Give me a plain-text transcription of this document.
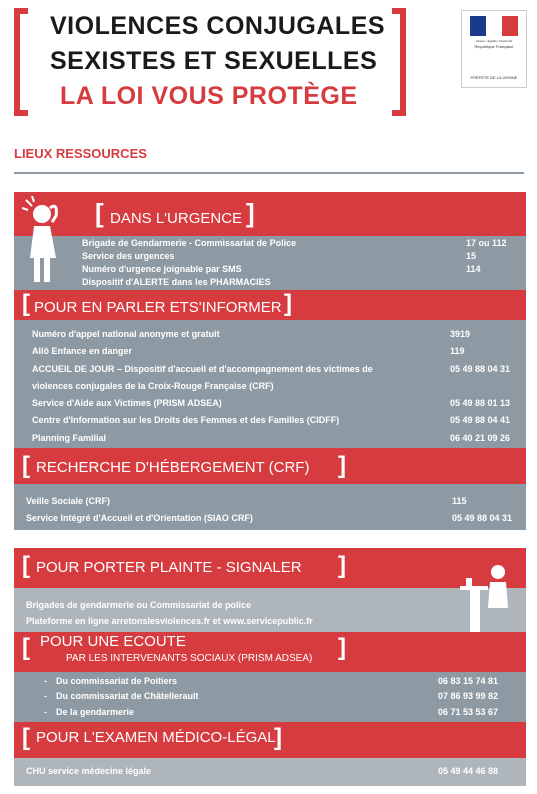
VIOLENCES CONJUGALES
SEXISTES ET SEXUELLES
LA LOI VOUS PROTÈGE
Liberté • Égalité • Fraternité
République Française
PRÉFÈTE DE LA VIENNE
LIEUX RESSOURCES
[ DANS L'URGENCE ]
Brigade de Gendarmerie - Commissariat de Police	17 ou 112
Service des urgences	15
Numéro d'urgence joignable par SMS	114
Dispositif d'ALERTE dans les PHARMACIES
[ POUR EN PARLER ETS'INFORMER ]
Numéro d'appel national anonyme et gratuit	3919
Allô Enfance en danger	119
ACCUEIL DE JOUR – Dispositif d'accueil et d'accompagnement des victimes de	05 49 88 04 31
violences conjugales de la Croix-Rouge Française (CRF)
Service d'Aide aux Victimes (PRISM ADSEA)	05 49 88 01 13
Centre d'Information sur les Droits des Femmes et des Familles (CIDFF)	05 49 88 04 41
Planning Familial	06 40 21 09 26
[ RECHERCHE D'HÉBERGEMENT (CRF) ]
Veille Sociale (CRF)	115
Service Intégré d'Accueil et d'Orientation (SIAO CRF)	05 49 88 04 31
[ POUR PORTER PLAINTE - SIGNALER ]
Brigades de gendarmerie ou Commissariat de police
Plateforme en ligne arretonslesviolences.fr et www.servicepublic.fr
[ POUR UNE ECOUTE
PAR LES INTERVENANTS SOCIAUX (PRISM ADSEA) ]
- Du commissariat de Poitiers	06 83 15 74 81
- Du commissariat de Châtellerault	07 86 93 99 82
- De la gendarmerie	06 71 53 53 67
[ POUR L'EXAMEN MÉDICO-LÉGAL
]
CHU service médecine légale	05 49 44 46 88
